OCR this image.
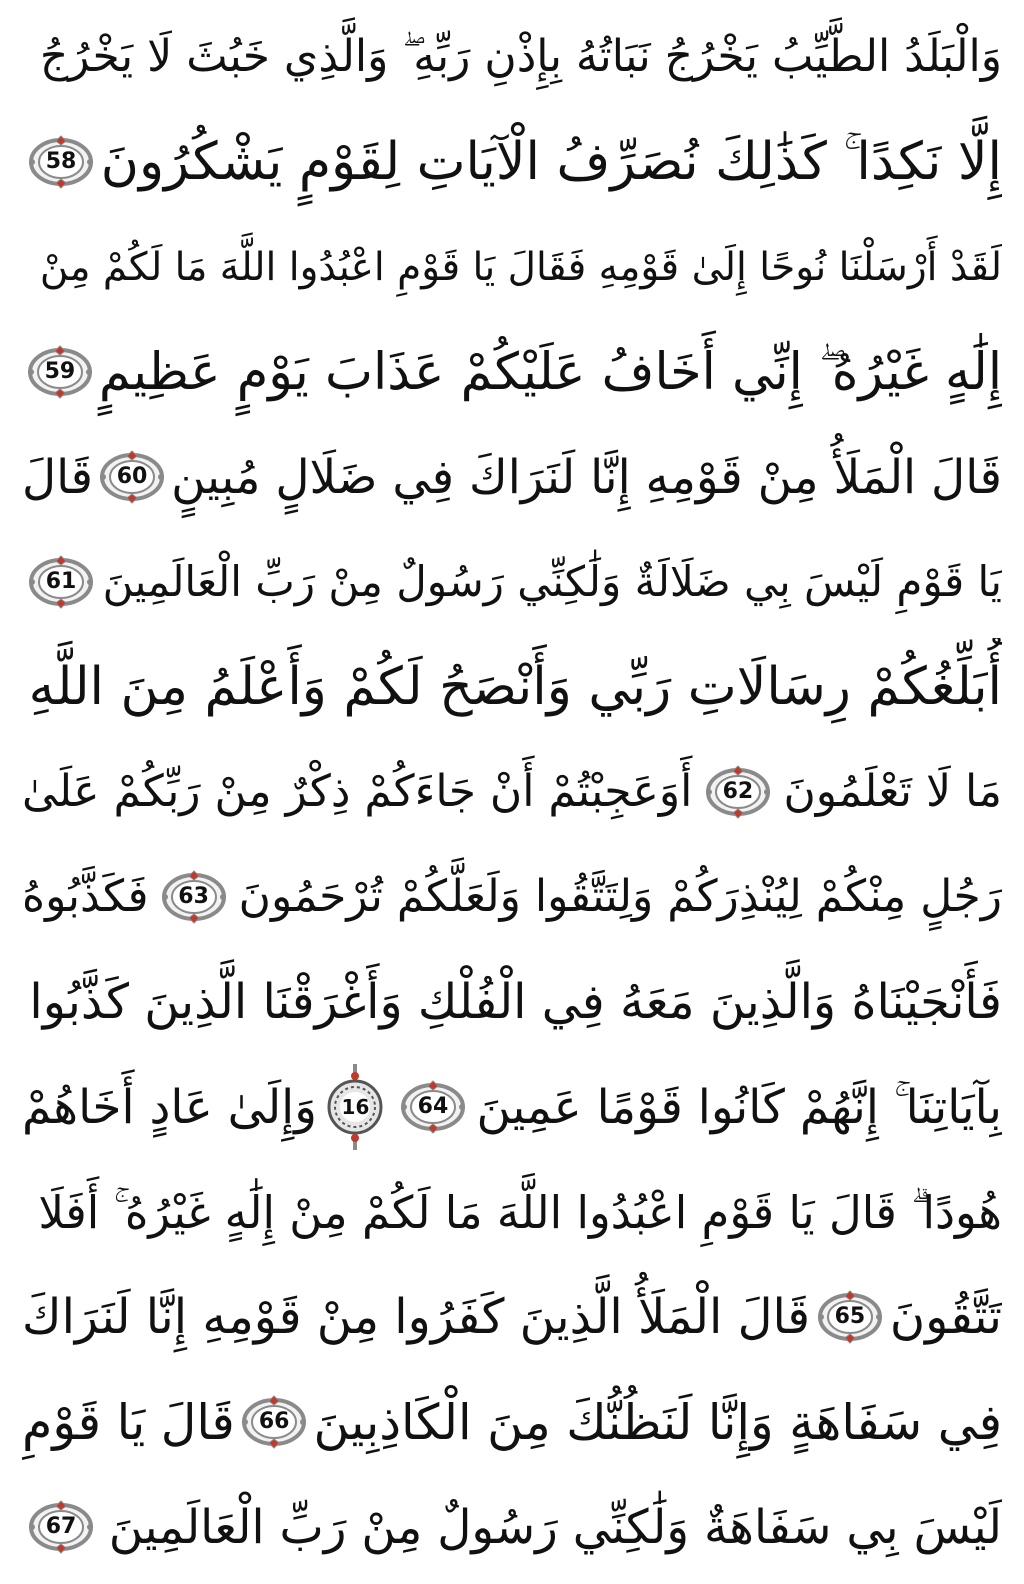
وَالْبَلَدُ الطَّيِّبُ يَخْرُجُ نَبَاتُهُ بِإِذْنِ رَبِّهِ ۖ وَالَّذِي خَبُثَ لَا يَخْرُجُ
إِلَّا نَكِدًا ۚ كَذَٰلِكَ نُصَرِّفُ الْآيَاتِ لِقَوْمٍ يَشْكُرُونَ
58
لَقَدْ أَرْسَلْنَا نُوحًا إِلَىٰ قَوْمِهِ فَقَالَ يَا قَوْمِ اعْبُدُوا اللَّهَ مَا لَكُمْ مِنْ
إِلَٰهٍ غَيْرُهُ ۖ إِنِّي أَخَافُ عَلَيْكُمْ عَذَابَ يَوْمٍ عَظِيمٍ
59
قَالَ الْمَلَأُ مِنْ قَوْمِهِ إِنَّا لَنَرَاكَ فِي ضَلَالٍ مُبِينٍ
60
قَالَ
يَا قَوْمِ لَيْسَ بِي ضَلَالَةٌ وَلَٰكِنِّي رَسُولٌ مِنْ رَبِّ الْعَالَمِينَ
61
أُبَلِّغُكُمْ رِسَالَاتِ رَبِّي وَأَنْصَحُ لَكُمْ وَأَعْلَمُ مِنَ اللَّهِ
مَا لَا تَعْلَمُونَ
62
أَوَعَجِبْتُمْ أَنْ جَاءَكُمْ ذِكْرٌ مِنْ رَبِّكُمْ عَلَىٰ
رَجُلٍ مِنْكُمْ لِيُنْذِرَكُمْ وَلِتَتَّقُوا وَلَعَلَّكُمْ تُرْحَمُونَ
63
فَكَذَّبُوهُ
فَأَنْجَيْنَاهُ وَالَّذِينَ مَعَهُ فِي الْفُلْكِ وَأَغْرَقْنَا الَّذِينَ كَذَّبُوا
بِآيَاتِنَا ۚ إِنَّهُمْ كَانُوا قَوْمًا عَمِينَ
64
16
وَإِلَىٰ عَادٍ أَخَاهُمْ
هُودًا ۗ قَالَ يَا قَوْمِ اعْبُدُوا اللَّهَ مَا لَكُمْ مِنْ إِلَٰهٍ غَيْرُهُ ۚ أَفَلَا
تَتَّقُونَ
65
قَالَ الْمَلَأُ الَّذِينَ كَفَرُوا مِنْ قَوْمِهِ إِنَّا لَنَرَاكَ
فِي سَفَاهَةٍ وَإِنَّا لَنَظُنُّكَ مِنَ الْكَاذِبِينَ
66
قَالَ يَا قَوْمِ
لَيْسَ بِي سَفَاهَةٌ وَلَٰكِنِّي رَسُولٌ مِنْ رَبِّ الْعَالَمِينَ
67
